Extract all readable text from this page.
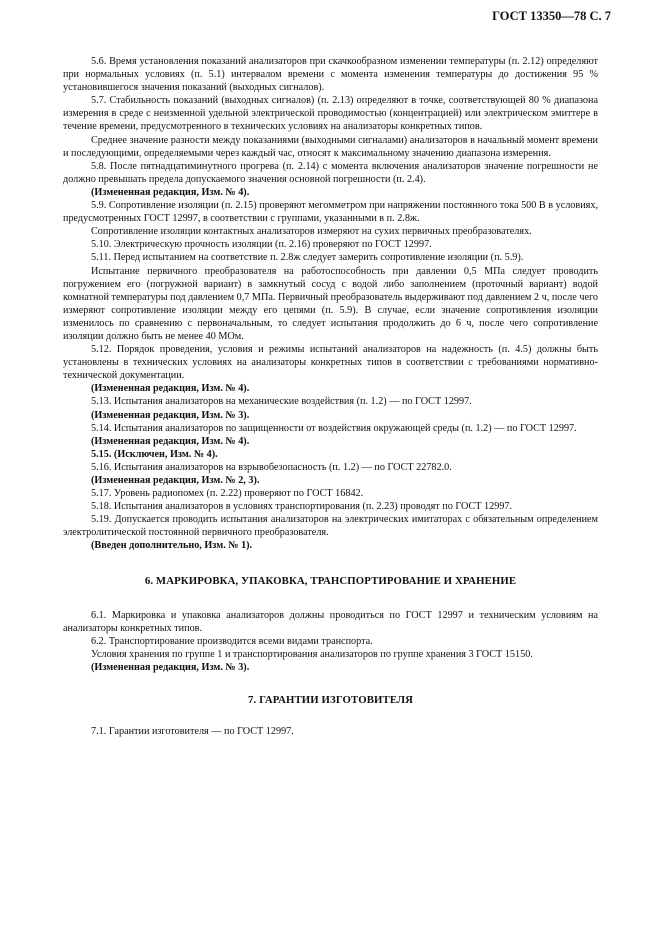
ГОСТ 13350—78 С. 7

5.6. Время установления показаний анализаторов при скачкообразном изменении температуры (п. 2.12) определяют при нормальных условиях (п. 5.1) интервалом времени с момента изменения температуры до достижения 95 % установившегося значения показаний (выходных сигналов).

5.7. Стабильность показаний (выходных сигналов) (п. 2.13) определяют в точке, соответствующей 80 % диапазона измерения в среде с неизменной удельной электрической проводимостью (концентрацией) или электрическом эмиттере в течение времени, предусмотренного в технических условиях на анализаторы конкретных типов.

Среднее значение разности между показаниями (выходными сигналами) анализаторов в начальный момент времени и последующими, определяемыми через каждый час, относят к максимальному значению диапазона измерения.

5.8. После пятнадцатиминутного прогрева (п. 2.14) с момента включения анализаторов значение погрешности не должно превышать предела допускаемого значения основной погрешности (п. 2.4).

(Измененная редакция, Изм. № 4).

5.9. Сопротивление изоляции (п. 2.15) проверяют мегомметром при напряжении постоянного тока 500 В в условиях, предусмотренных ГОСТ 12997, в соответствии с группами, указанными в п. 2.8ж.

Сопротивление изоляции контактных анализаторов измеряют на сухих первичных преобразователях.

5.10. Электрическую прочность изоляции (п. 2.16) проверяют по ГОСТ 12997.

5.11. Перед испытанием на соответствие п. 2.8ж следует замерить сопротивление изоляции (п. 5.9).

Испытание первичного преобразователя на работоспособность при давлении 0,5 МПа следует проводить погружением его (погружной вариант) в замкнутый сосуд с водой либо заполнением (проточный вариант) водой комнатной температуры под давлением 0,7 МПа. Первичный преобразователь выдерживают под давлением 2 ч, после чего измеряют сопротивление изоляции между его цепями (п. 5.9). В случае, если значение сопротивления изоляции изменилось по сравнению с первоначальным, то следует испытания продолжить до 6 ч, после чего сопротивление изоляции должно быть не менее 40 МОм.

5.12. Порядок проведения, условия и режимы испытаний анализаторов на надежность (п. 4.5) должны быть установлены в технических условиях на анализаторы конкретных типов в соответствии с требованиями нормативно-технической документации.

(Измененная редакция, Изм. № 4).

5.13. Испытания анализаторов на механические воздействия (п. 1.2) — по ГОСТ 12997.

(Измененная редакция, Изм. № 3).

5.14. Испытания анализаторов по защищенности от воздействия окружающей среды (п. 1.2) — по ГОСТ 12997.

(Измененная редакция, Изм. № 4).

5.15. (Исключен, Изм. № 4).

5.16. Испытания анализаторов на взрывобезопасность (п. 1.2) — по ГОСТ 22782.0.

(Измененная редакция, Изм. № 2, 3).

5.17. Уровень радиопомех (п. 2.22) проверяют по ГОСТ 16842.

5.18. Испытания анализаторов в условиях транспортирования (п. 2.23) проводят по ГОСТ 12997.

5.19. Допускается проводить испытания анализаторов на электрических имитаторах с обязательным определением электролитической постоянной первичного преобразователя.

(Введен дополнительно, Изм. № 1).

6. МАРКИРОВКА, УПАКОВКА, ТРАНСПОРТИРОВАНИЕ И ХРАНЕНИЕ

6.1. Маркировка и упаковка анализаторов должны проводиться по ГОСТ 12997 и техническим условиям на анализаторы конкретных типов.

6.2. Транспортирование производится всеми видами транспорта.

Условия хранения по группе 1 и транспортирования анализаторов по группе хранения 3 ГОСТ 15150.

(Измененная редакция, Изм. № 3).

7. ГАРАНТИИ ИЗГОТОВИТЕЛЯ

7.1. Гарантии изготовителя — по ГОСТ 12997.
